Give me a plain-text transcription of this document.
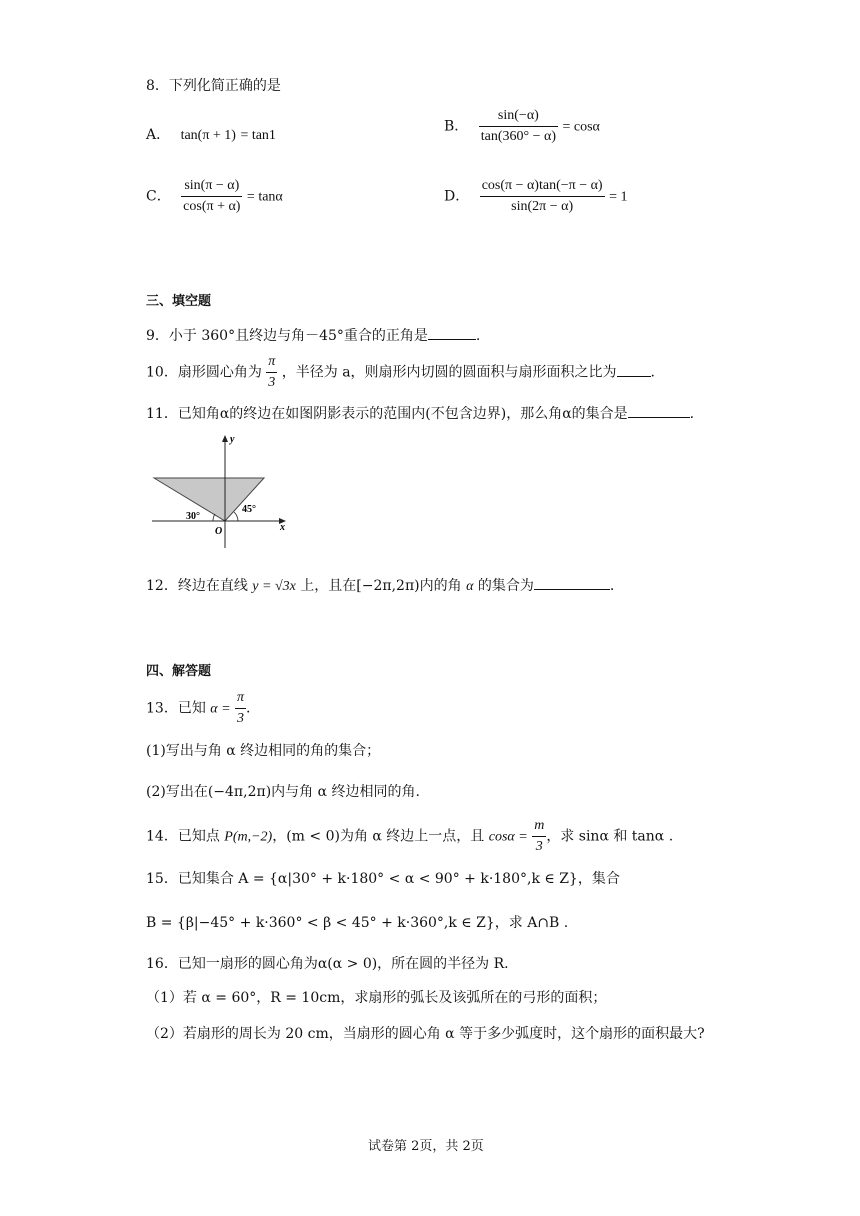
8．下列化简正确的是
A． tan(π + 1) = tan1
B． $\frac{\sin(-\alpha)}{\tan(360^\circ - \alpha)} = \cos\alpha$
C． $\frac{\sin(\pi - \alpha)}{\cos(\pi + \alpha)} = \tan\alpha$	D． $\frac{\cos(\pi - \alpha)\tan(-\pi - \alpha)}{\sin(2\pi - \alpha)} = 1$
三、填空题
9．小于 360°且终边与角－45°重合的正角是	.
10．扇形圆心角为 $\frac{\pi}{3}$ ，半径为 a，则扇形内切圆的圆面积与扇形面积之比为 .
11．已知角α的终边在如图阴影表示的范围内(不包含边界)，那么角α的集合是	.
y
x
O
30°
45°
12．终边在直线 y = √3x 上，且在[−2π,2π)内的角 α 的集合为	.
四、解答题
13．已知 $\alpha = \frac{\pi}{3}$ .
(1)写出与角 α 终边相同的角的集合；
(2)写出在(−4π,2π)内与角 α 终边相同的角.
14．已知点 P(m,−2)，(m < 0)为角 α 终边上一点，且 $\cos\alpha = \frac{m}{3}$ ，求 sinα 和 tanα .
15．已知集合 A = {α|30° + k·180° < α < 90° + k·180°,k ∈ Z}，集合
B = {β|−45° + k·360° < β < 45° + k·360°,k ∈ Z}，求 A∩B .
16．已知一扇形的圆心角为α(α > 0)，所在圆的半径为 R.
（1）若 α = 60°，R = 10cm，求扇形的弧长及该弧所在的弓形的面积；
（2）若扇形的周长为 20 cm，当扇形的圆心角 α 等于多少弧度时，这个扇形的面积最大?
试卷第 2页，共 2页
